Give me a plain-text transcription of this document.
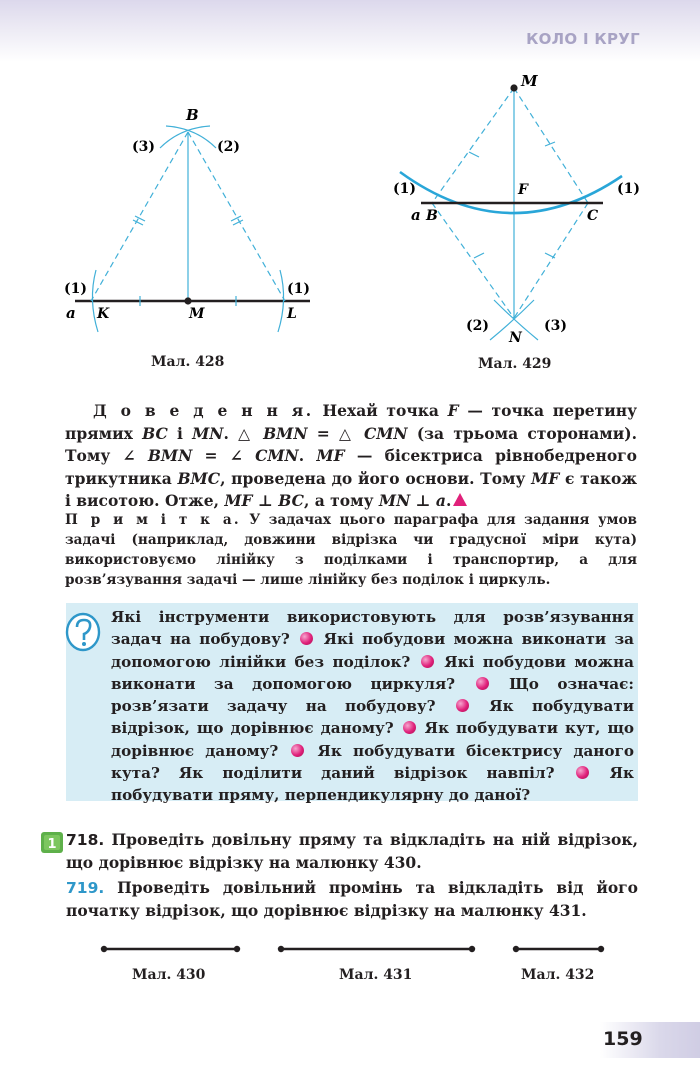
КОЛО І КРУГ
B
(3)	(2)
(1)	(1)
a K	M	L
M
F
(1)	(1)
a B	C
(2)	(3)
N
Мал. 428	Мал. 429
Д о в е д е н н я. Нехай точка F — точка перетину прямих BC і MN. △ BMN = △ CMN (за трьома сторонами). Тому ∠ BMN = ∠ CMN. MF — бісектриса рівнобедреного трикутника BMC, проведена до його основи. Тому MF є також і висотою. Отже, MF ⊥ BC, а тому MN ⊥ a.
П р и м і т к а. У задачах цього параграфа для задання умов задачі (наприклад, довжини відрізка чи градусної міри кута) використовуємо лінійку з поділками і транспортир, а для розв’язування задачі — лише лінійку без поділок і циркуль.
Які інструменти використовують для розв’язування задач на побудову? Які побудови можна виконати за допомогою лінійки без поділок? Які побудови можна виконати за допомогою циркуля?	Що означає: розв’язати задачу на побудову?	Як побудувати відрізок, що дорівнює даному? Як побудувати кут, що дорівнює даному?	Як побудувати бісектрису даного кута? Як поділити даний відрізок навпіл?	Як побудувати пряму, перпендикулярну до даної?
1 718. Проведіть довільну пряму та відкладіть на ній відрізок, що дорівнює відрізку на малюнку 430.
719. Проведіть довільний промінь та відкладіть від його початку відрізок, що дорівнює відрізку на малюнку 431.
Мал. 430	Мал. 431	Мал. 432
159
